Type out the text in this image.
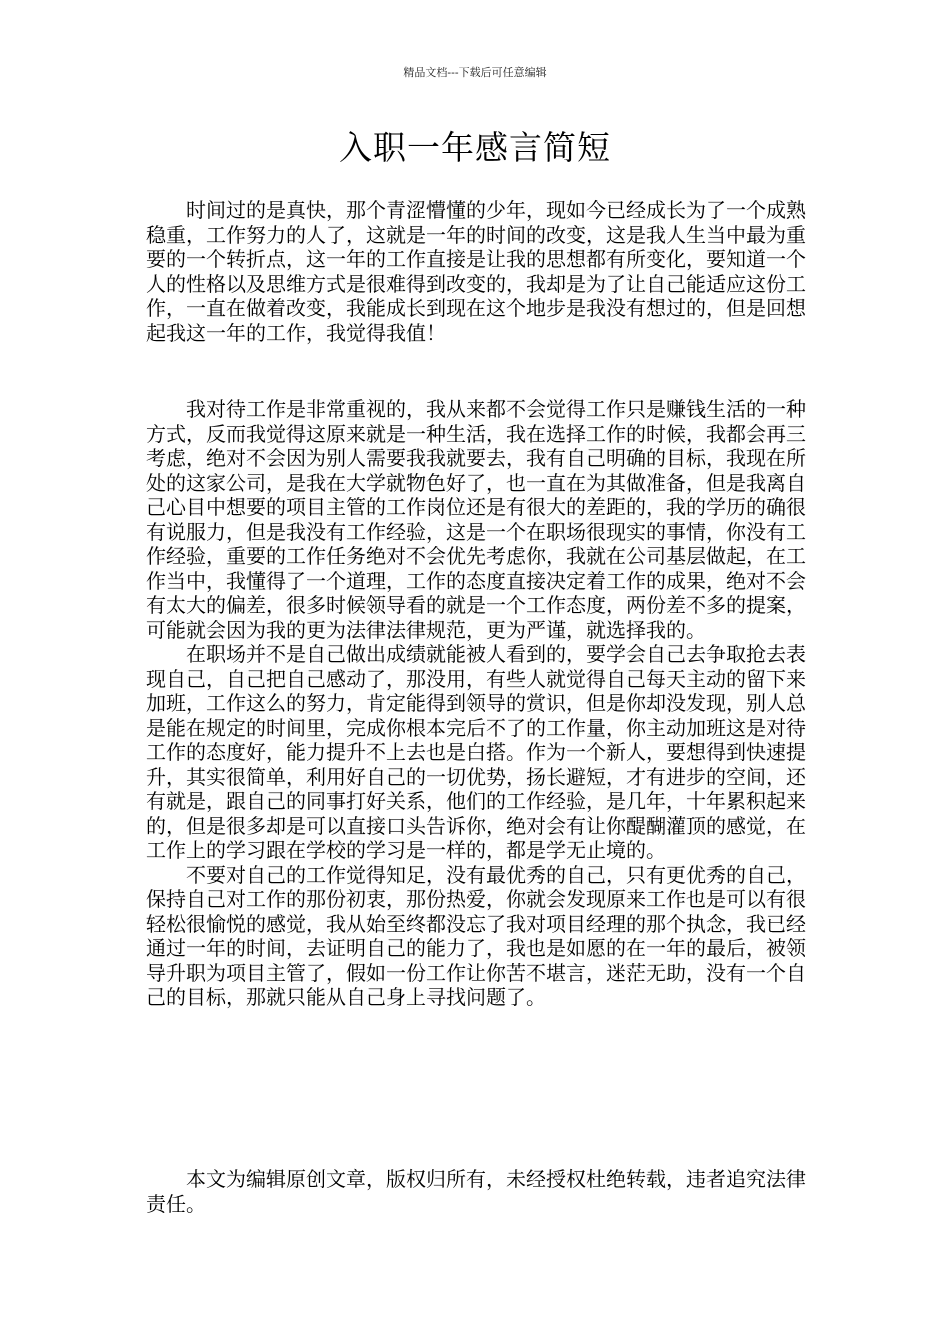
精品文档---下载后可任意编辑
入职一年感言简短

时间过的是真快，那个青涩懵懂的少年，现如今已经成长为了一个成熟稳重，工作努力的人了，这就是一年的时间的改变，这是我人生当中最为重要的一个转折点，这一年的工作直接是让我的思想都有所变化，要知道一个人的性格以及思维方式是很难得到改变的，我却是为了让自己能适应这份工作，一直在做着改变，我能成长到现在这个地步是我没有想过的，但是回想起我这一年的工作，我觉得我值！

我对待工作是非常重视的，我从来都不会觉得工作只是赚钱生活的一种方式，反而我觉得这原来就是一种生活，我在选择工作的时候，我都会再三考虑，绝对不会因为别人需要我我就要去，我有自己明确的目标，我现在所处的这家公司，是我在大学就物色好了，也一直在为其做准备，但是我离自己心目中想要的项目主管的工作岗位还是有很大的差距的，我的学历的确很有说服力，但是我没有工作经验，这是一个在职场很现实的事情，你没有工作经验，重要的工作任务绝对不会优先考虑你，我就在公司基层做起，在工作当中，我懂得了一个道理，工作的态度直接决定着工作的成果，绝对不会有太大的偏差，很多时候领导看的就是一个工作态度，两份差不多的提案，可能就会因为我的更为法律法律规范，更为严谨，就选择我的。

在职场并不是自己做出成绩就能被人看到的，要学会自己去争取抢去表现自己，自己把自己感动了，那没用，有些人就觉得自己每天主动的留下来加班，工作这么的努力，肯定能得到领导的赏识，但是你却没发现，别人总是能在规定的时间里，完成你根本完后不了的工作量，你主动加班这是对待工作的态度好，能力提升不上去也是白搭。作为一个新人，要想得到快速提升，其实很简单，利用好自己的一切优势，扬长避短，才有进步的空间，还有就是，跟自己的同事打好关系，他们的工作经验，是几年，十年累积起来的，但是很多却是可以直接口头告诉你，绝对会有让你醍醐灌顶的感觉，在工作上的学习跟在学校的学习是一样的，都是学无止境的。

不要对自己的工作觉得知足，没有最优秀的自己，只有更优秀的自己，保持自己对工作的那份初衷，那份热爱，你就会发现原来工作也是可以有很轻松很愉悦的感觉，我从始至终都没忘了我对项目经理的那个执念，我已经通过一年的时间，去证明自己的能力了，我也是如愿的在一年的最后，被领导升职为项目主管了，假如一份工作让你苦不堪言，迷茫无助，没有一个自己的目标，那就只能从自己身上寻找问题了。

本文为编辑原创文章，版权归所有，未经授权杜绝转载，违者追究法律责任。
